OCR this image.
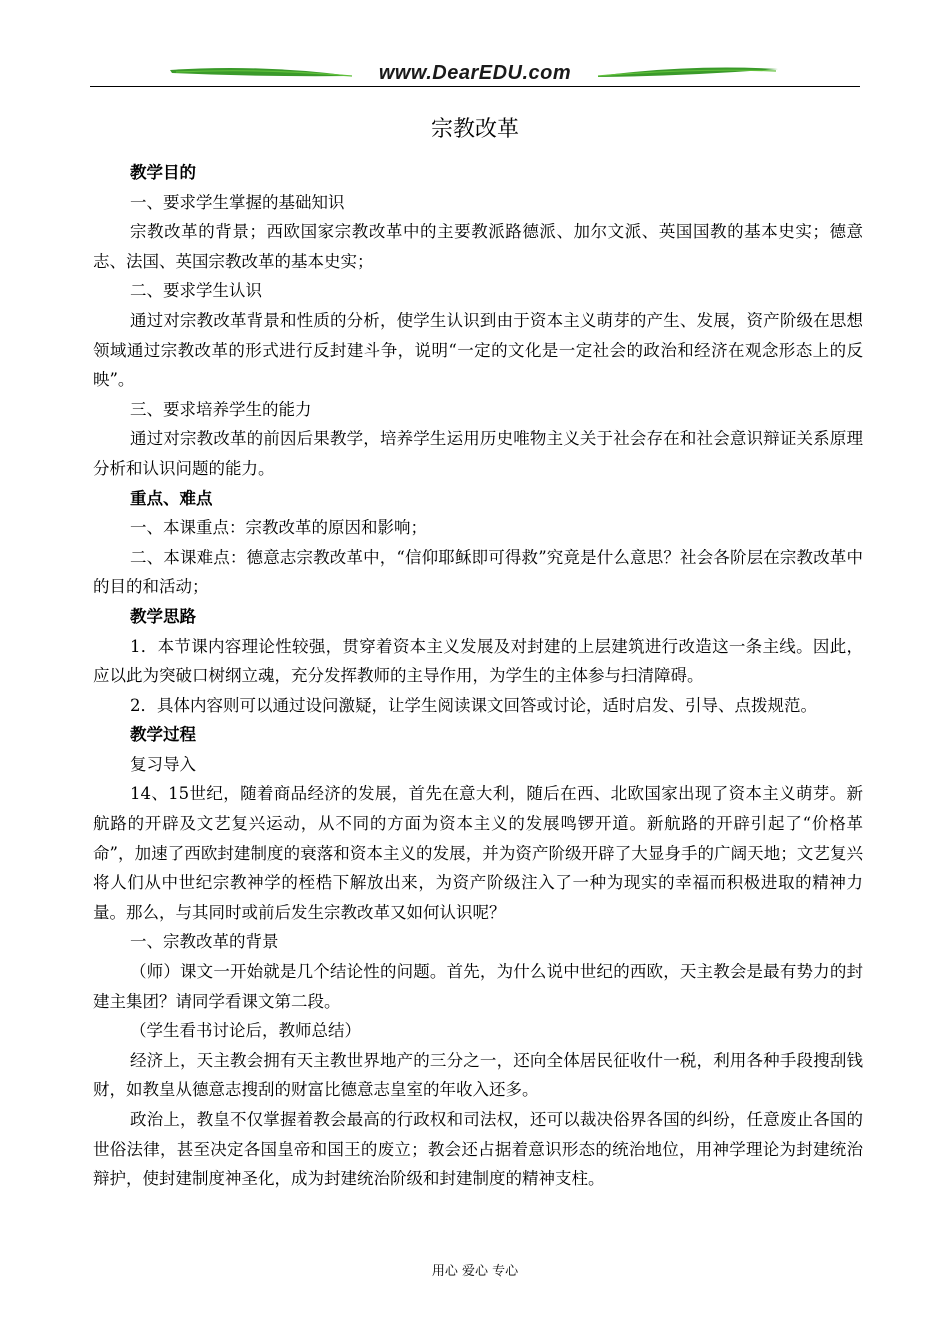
www.DearEDU.com
宗教改革

教学目的

一、要求学生掌握的基础知识

宗教改革的背景；西欧国家宗教改革中的主要教派路德派、加尔文派、英国国教的基本史实；德意志、法国、英国宗教改革的基本史实；

二、要求学生认识

通过对宗教改革背景和性质的分析，使学生认识到由于资本主义萌芽的产生、发展，资产阶级在思想领域通过宗教改革的形式进行反封建斗争，说明“一定的文化是一定社会的政治和经济在观念形态上的反映”。

三、要求培养学生的能力

通过对宗教改革的前因后果教学，培养学生运用历史唯物主义关于社会存在和社会意识辩证关系原理分析和认识问题的能力。

重点、难点

一、本课重点：宗教改革的原因和影响；

二、本课难点：德意志宗教改革中，“信仰耶稣即可得救”究竟是什么意思？社会各阶层在宗教改革中的目的和活动；

教学思路

1．本节课内容理论性较强，贯穿着资本主义发展及对封建的上层建筑进行改造这一条主线。因此，应以此为突破口树纲立魂，充分发挥教师的主导作用，为学生的主体参与扫清障碍。

2．具体内容则可以通过设问激疑，让学生阅读课文回答或讨论，适时启发、引导、点拨规范。

教学过程

复习导入

14、15世纪，随着商品经济的发展，首先在意大利，随后在西、北欧国家出现了资本主义萌芽。新航路的开辟及文艺复兴运动，从不同的方面为资本主义的发展鸣锣开道。新航路的开辟引起了“价格革命”，加速了西欧封建制度的衰落和资本主义的发展，并为资产阶级开辟了大显身手的广阔天地；文艺复兴将人们从中世纪宗教神学的桎梏下解放出来，为资产阶级注入了一种为现实的幸福而积极进取的精神力量。那么，与其同时或前后发生宗教改革又如何认识呢？

一、宗教改革的背景

（师）课文一开始就是几个结论性的问题。首先，为什么说中世纪的西欧，天主教会是最有势力的封建主集团？请同学看课文第二段。

（学生看书讨论后，教师总结）

经济上，天主教会拥有天主教世界地产的三分之一，还向全体居民征收什一税，利用各种手段搜刮钱财，如教皇从德意志搜刮的财富比德意志皇室的年收入还多。

政治上，教皇不仅掌握着教会最高的行政权和司法权，还可以裁决俗界各国的纠纷，任意废止各国的世俗法律，甚至决定各国皇帝和国王的废立；教会还占据着意识形态的统治地位，用神学理论为封建统治辩护，使封建制度神圣化，成为封建统治阶级和封建制度的精神支柱。

用心 爱心 专心
